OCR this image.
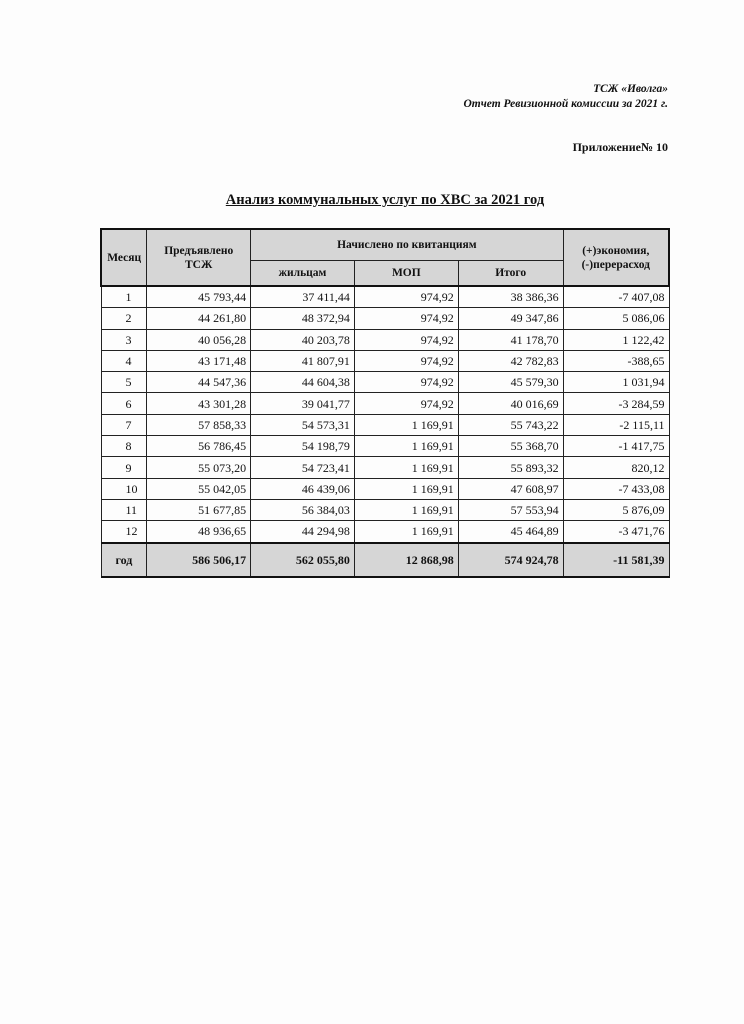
ТСЖ «Иволга»
Отчет Ревизионной комиссии за 2021 г.
Приложение№ 10
Анализ коммунальных услуг по ХВС за 2021 год
Месяц	Предъявлено ТСЖ	Начислено по квитанциям			(+)экономия, (-)перерасход
		жильцам	МОП	Итого	
1	45 793,44	37 411,44	974,92	38 386,36	-7 407,08
2	44 261,80	48 372,94	974,92	49 347,86	5 086,06
3	40 056,28	40 203,78	974,92	41 178,70	1 122,42
4	43 171,48	41 807,91	974,92	42 782,83	-388,65
5	44 547,36	44 604,38	974,92	45 579,30	1 031,94
6	43 301,28	39 041,77	974,92	40 016,69	-3 284,59
7	57 858,33	54 573,31	1 169,91	55 743,22	-2 115,11
8	56 786,45	54 198,79	1 169,91	55 368,70	-1 417,75
9	55 073,20	54 723,41	1 169,91	55 893,32	820,12
10	55 042,05	46 439,06	1 169,91	47 608,97	-7 433,08
11	51 677,85	56 384,03	1 169,91	57 553,94	5 876,09
12	48 936,65	44 294,98	1 169,91	45 464,89	-3 471,76
год	586 506,17	562 055,80	12 868,98	574 924,78	-11 581,39
